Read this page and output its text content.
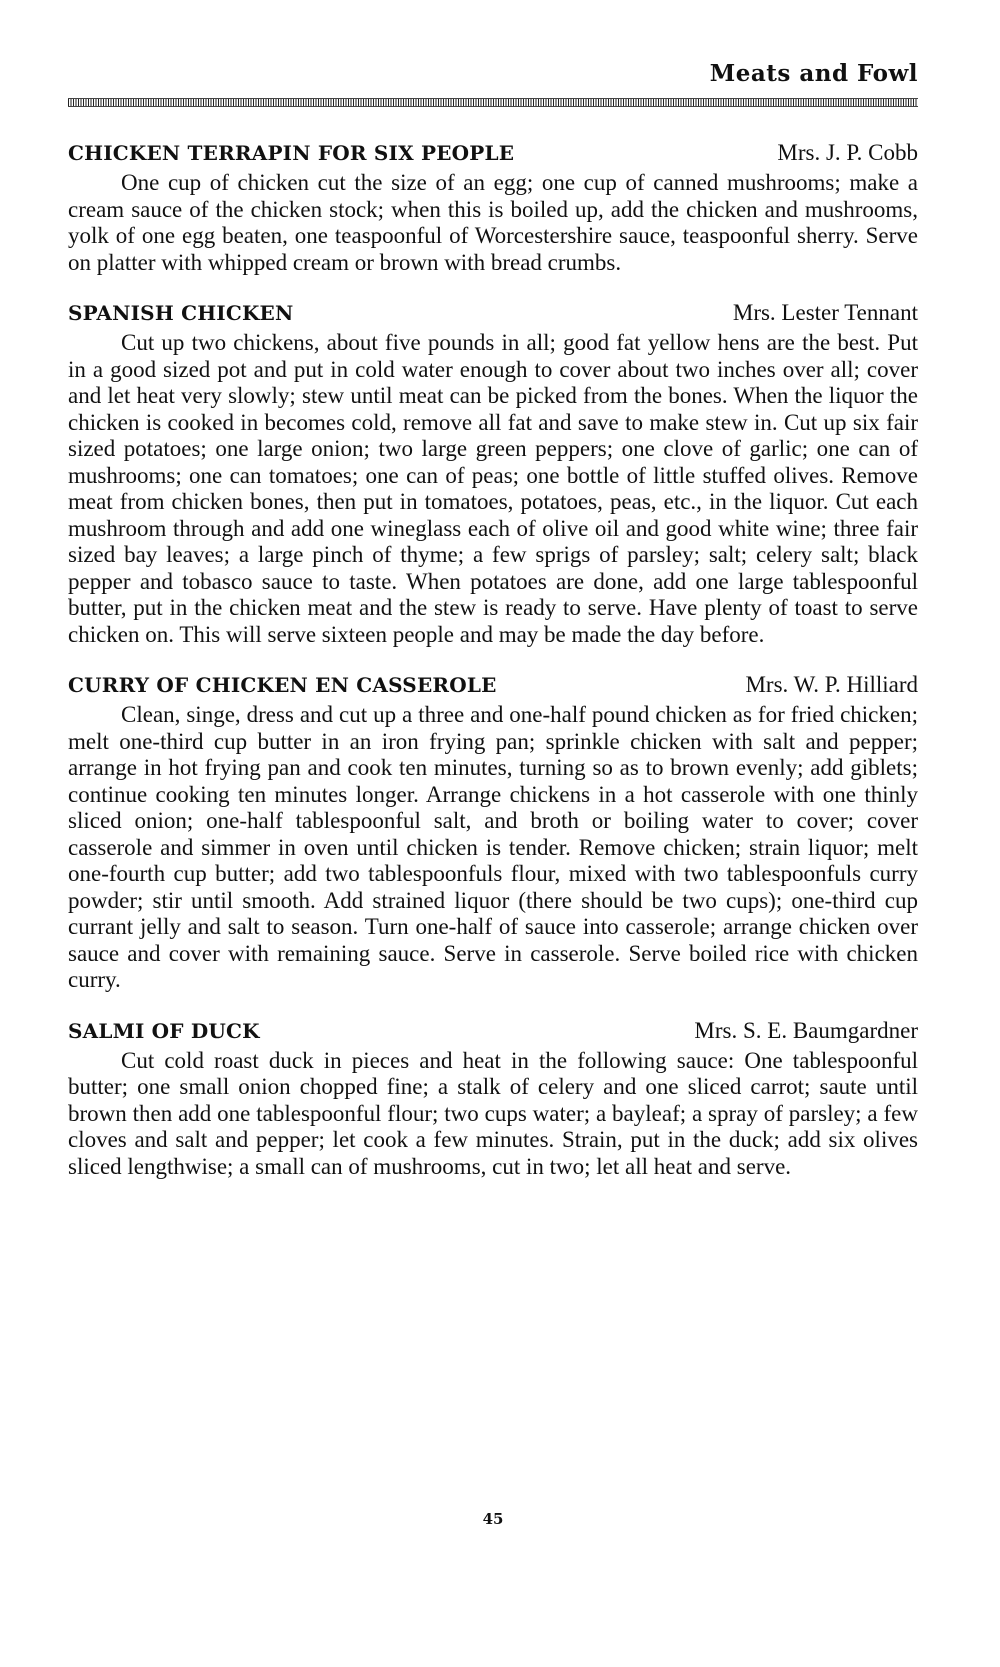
Meats and Fowl
CHICKEN TERRAPIN FOR SIX PEOPLE	Mrs. J. P. Cobb

One cup of chicken cut the size of an egg; one cup of canned mushrooms; make a cream sauce of the chicken stock; when this is boiled up, add the chicken and mushrooms, yolk of one egg beaten, one teaspoonful of Worcestershire sauce, teaspoonful sherry. Serve on platter with whipped cream or brown with bread crumbs.

SPANISH CHICKEN	Mrs. Lester Tennant

Cut up two chickens, about five pounds in all; good fat yellow hens are the best. Put in a good sized pot and put in cold water enough to cover about two inches over all; cover and let heat very slowly; stew until meat can be picked from the bones. When the liquor the chicken is cooked in becomes cold, remove all fat and save to make stew in. Cut up six fair sized potatoes; one large onion; two large green peppers; one clove of garlic; one can of mushrooms; one can tomatoes; one can of peas; one bottle of little stuffed olives. Remove meat from chicken bones, then put in tomatoes, potatoes, peas, etc., in the liquor. Cut each mushroom through and add one wineglass each of olive oil and good white wine; three fair sized bay leaves; a large pinch of thyme; a few sprigs of parsley; salt; celery salt; black pepper and tobasco sauce to taste. When potatoes are done, add one large tablespoonful butter, put in the chicken meat and the stew is ready to serve. Have plenty of toast to serve chicken on. This will serve sixteen people and may be made the day before.

CURRY OF CHICKEN EN CASSEROLE	Mrs. W. P. Hilliard

Clean, singe, dress and cut up a three and one-half pound chicken as for fried chicken; melt one-third cup butter in an iron frying pan; sprinkle chicken with salt and pepper; arrange in hot frying pan and cook ten minutes, turning so as to brown evenly; add giblets; continue cooking ten minutes longer. Arrange chickens in a hot casserole with one thinly sliced onion; one-half tablespoonful salt, and broth or boiling water to cover; cover casserole and simmer in oven until chicken is tender. Remove chicken; strain liquor; melt one-fourth cup butter; add two tablespoonfuls flour, mixed with two tablespoonfuls curry powder; stir until smooth. Add strained liquor (there should be two cups); one-third cup currant jelly and salt to season. Turn one-half of sauce into casserole; arrange chicken over sauce and cover with remaining sauce. Serve in casserole. Serve boiled rice with chicken curry.

SALMI OF DUCK	Mrs. S. E. Baumgardner

Cut cold roast duck in pieces and heat in the following sauce: One tablespoonful butter; one small onion chopped fine; a stalk of celery and one sliced carrot; saute until brown then add one tablespoonful flour; two cups water; a bayleaf; a spray of parsley; a few cloves and salt and pepper; let cook a few minutes. Strain, put in the duck; add six olives sliced lengthwise; a small can of mushrooms, cut in two; let all heat and serve.

45
